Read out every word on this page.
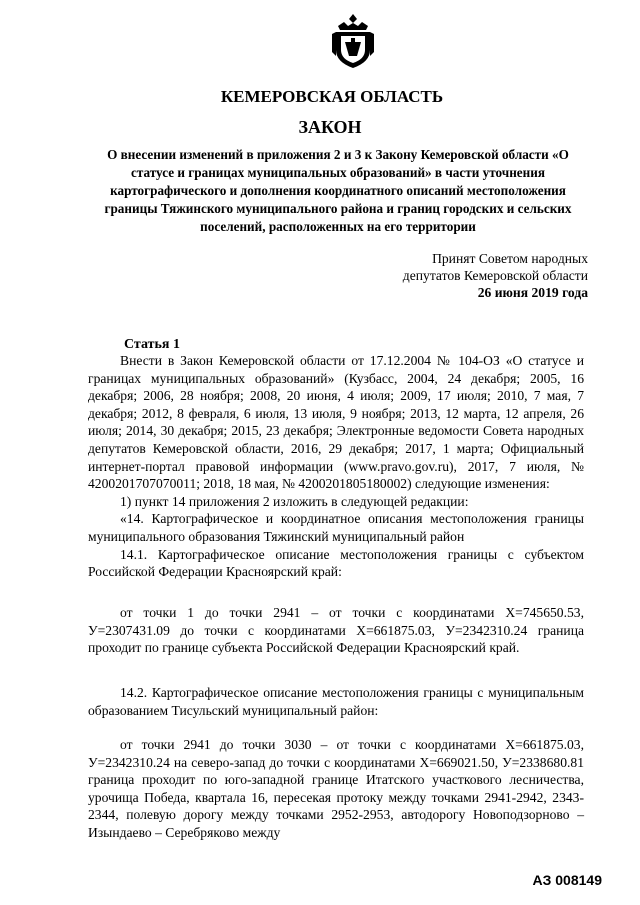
КЕМЕРОВСКАЯ ОБЛАСТЬ
ЗАКОН
О внесении изменений в приложения 2 и 3 к Закону Кемеровской области «О статусе и границах муниципальных образований» в части уточнения картографического и дополнения координатного описаний местоположения границы Тяжинского муниципального района и границ городских и сельских поселений, расположенных на его территории
Принят Советом народных
депутатов Кемеровской области
26 июня 2019 года
Статья 1

Внести в Закон Кемеровской области от 17.12.2004 № 104-ОЗ «О статусе и границах муниципальных образований» (Кузбасс, 2004, 24 декабря; 2005, 16 декабря; 2006, 28 ноября; 2008, 20 июня, 4 июля; 2009, 17 июля; 2010, 7 мая, 7 декабря; 2012, 8 февраля, 6 июля, 13 июля, 9 ноября; 2013, 12 марта, 12 апреля, 26 июля; 2014, 30 декабря; 2015, 23 декабря; Электронные ведомости Совета народных депутатов Кемеровской области, 2016, 29 декабря; 2017, 1 марта; Официальный интернет-портал правовой информации (www.pravo.gov.ru), 2017, 7 июля, № 4200201707070011; 2018, 18 мая, № 4200201805180002) следующие изменения:

1) пункт 14 приложения 2 изложить в следующей редакции:

«14. Картографическое и координатное описания местоположения границы муниципального образования Тяжинский муниципальный район

14.1. Картографическое описание местоположения границы с субъектом Российской Федерации Красноярский край:

от точки 1 до точки 2941 – от точки с координатами X=745650.53, У=2307431.09 до точки с координатами X=661875.03, У=2342310.24 граница проходит по границе субъекта Российской Федерации Красноярский край.

14.2. Картографическое описание местоположения границы с муниципальным образованием Тисульский муниципальный район:

от точки 2941 до точки 3030 – от точки с координатами X=661875.03, У=2342310.24 на северо-запад до точки с координатами X=669021.50, У=2338680.81 граница проходит по юго-западной границе Итатского участкового лесничества, урочища Победа, квартала 16, пересекая протоку между точками 2941-2942, 2343-2344, полевую дорогу между точками 2952-2953, автодорогу Новоподзорново – Изындаево – Серебряково между

АЗ 008149
